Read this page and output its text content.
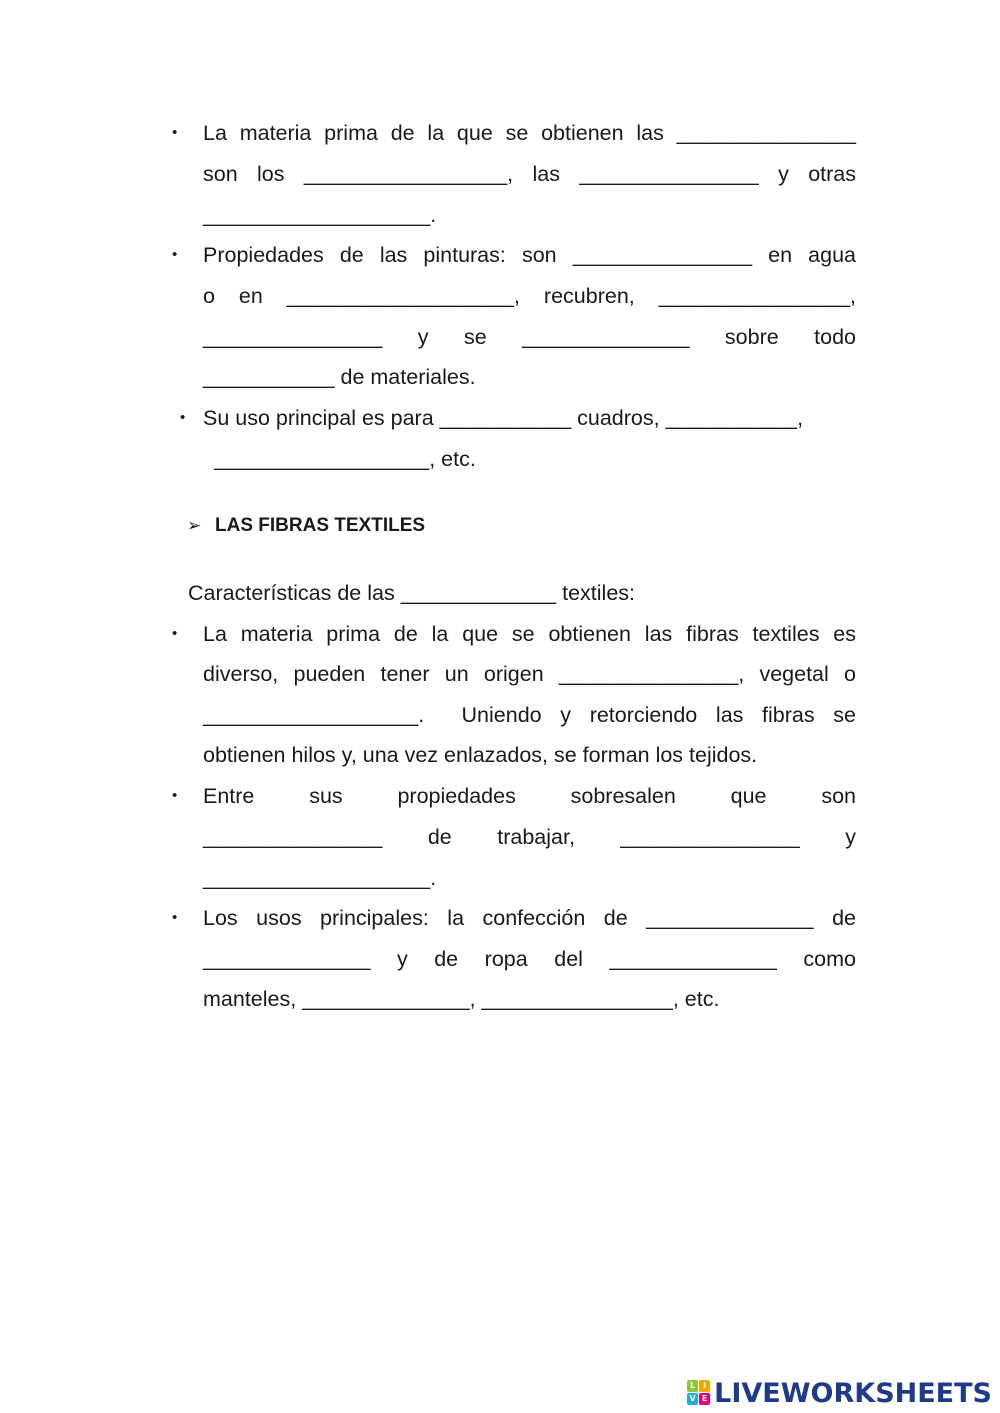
• La materia prima de la que se obtienen las _______________
son los _________________, las _______________ y otras
___________________.
• Propiedades de las pinturas: son _______________ en agua
o en ___________________, recubren, ________________,
_______________ y se ______________ sobre todo
___________ de materiales.
• Su uso principal es para ___________ cuadros, ___________,
__________________, etc.
➢ LAS FIBRAS TEXTILES
Características de las _____________ textiles:
• La materia prima de la que se obtienen las fibras textiles es
diverso, pueden tener un origen _______________, vegetal o
__________________.  Uniendo y retorciendo las fibras se
obtienen hilos y, una vez enlazados, se forman los tejidos.
• Entre sus propiedades sobresalen que son
_______________ de trabajar, _______________ y
___________________.
• Los usos principales: la confección de ______________ de
______________ y de ropa del ______________ como
manteles, ______________, ________________, etc.
L I
V E LIVEWORKSHEETS
